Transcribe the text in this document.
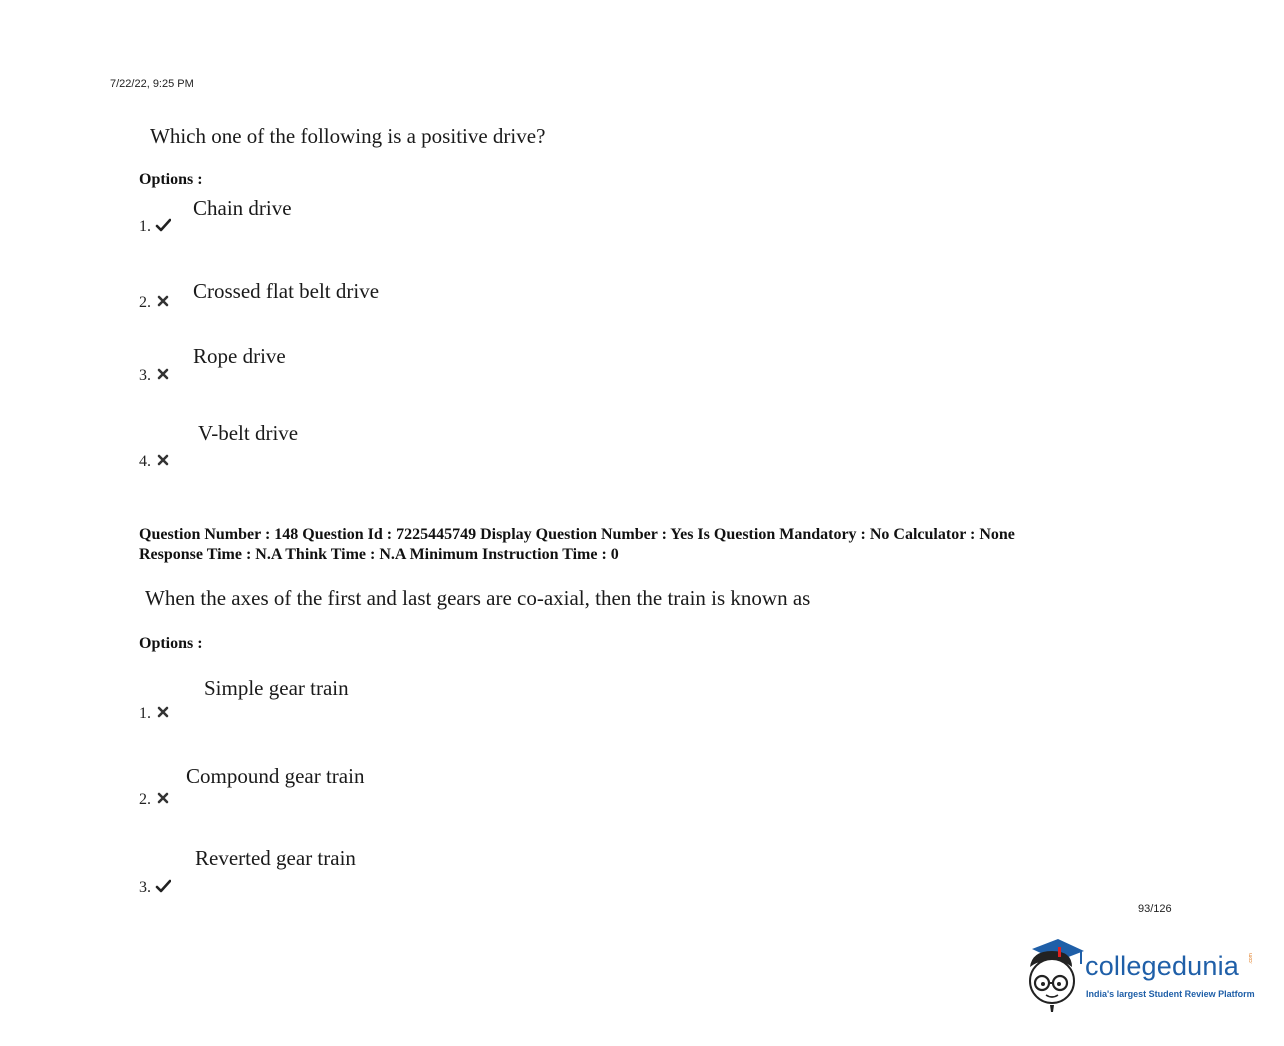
7/22/22, 9:25 PM
Which one of the following is a positive drive?
Options :
Chain drive
1.
Crossed flat belt drive
2.
Rope drive
3.
V-belt drive
4.
Question Number : 148 Question Id : 7225445749 Display Question Number : Yes Is Question Mandatory : No Calculator : None
Response Time : N.A Think Time : N.A Minimum Instruction Time : 0
When the axes of the first and last gears are co-axial, then the train is known as
Options :
Simple gear train
1.
Compound gear train
2.
Reverted gear train
3.
93/126
collegedunia .com
India's largest Student Review Platform
